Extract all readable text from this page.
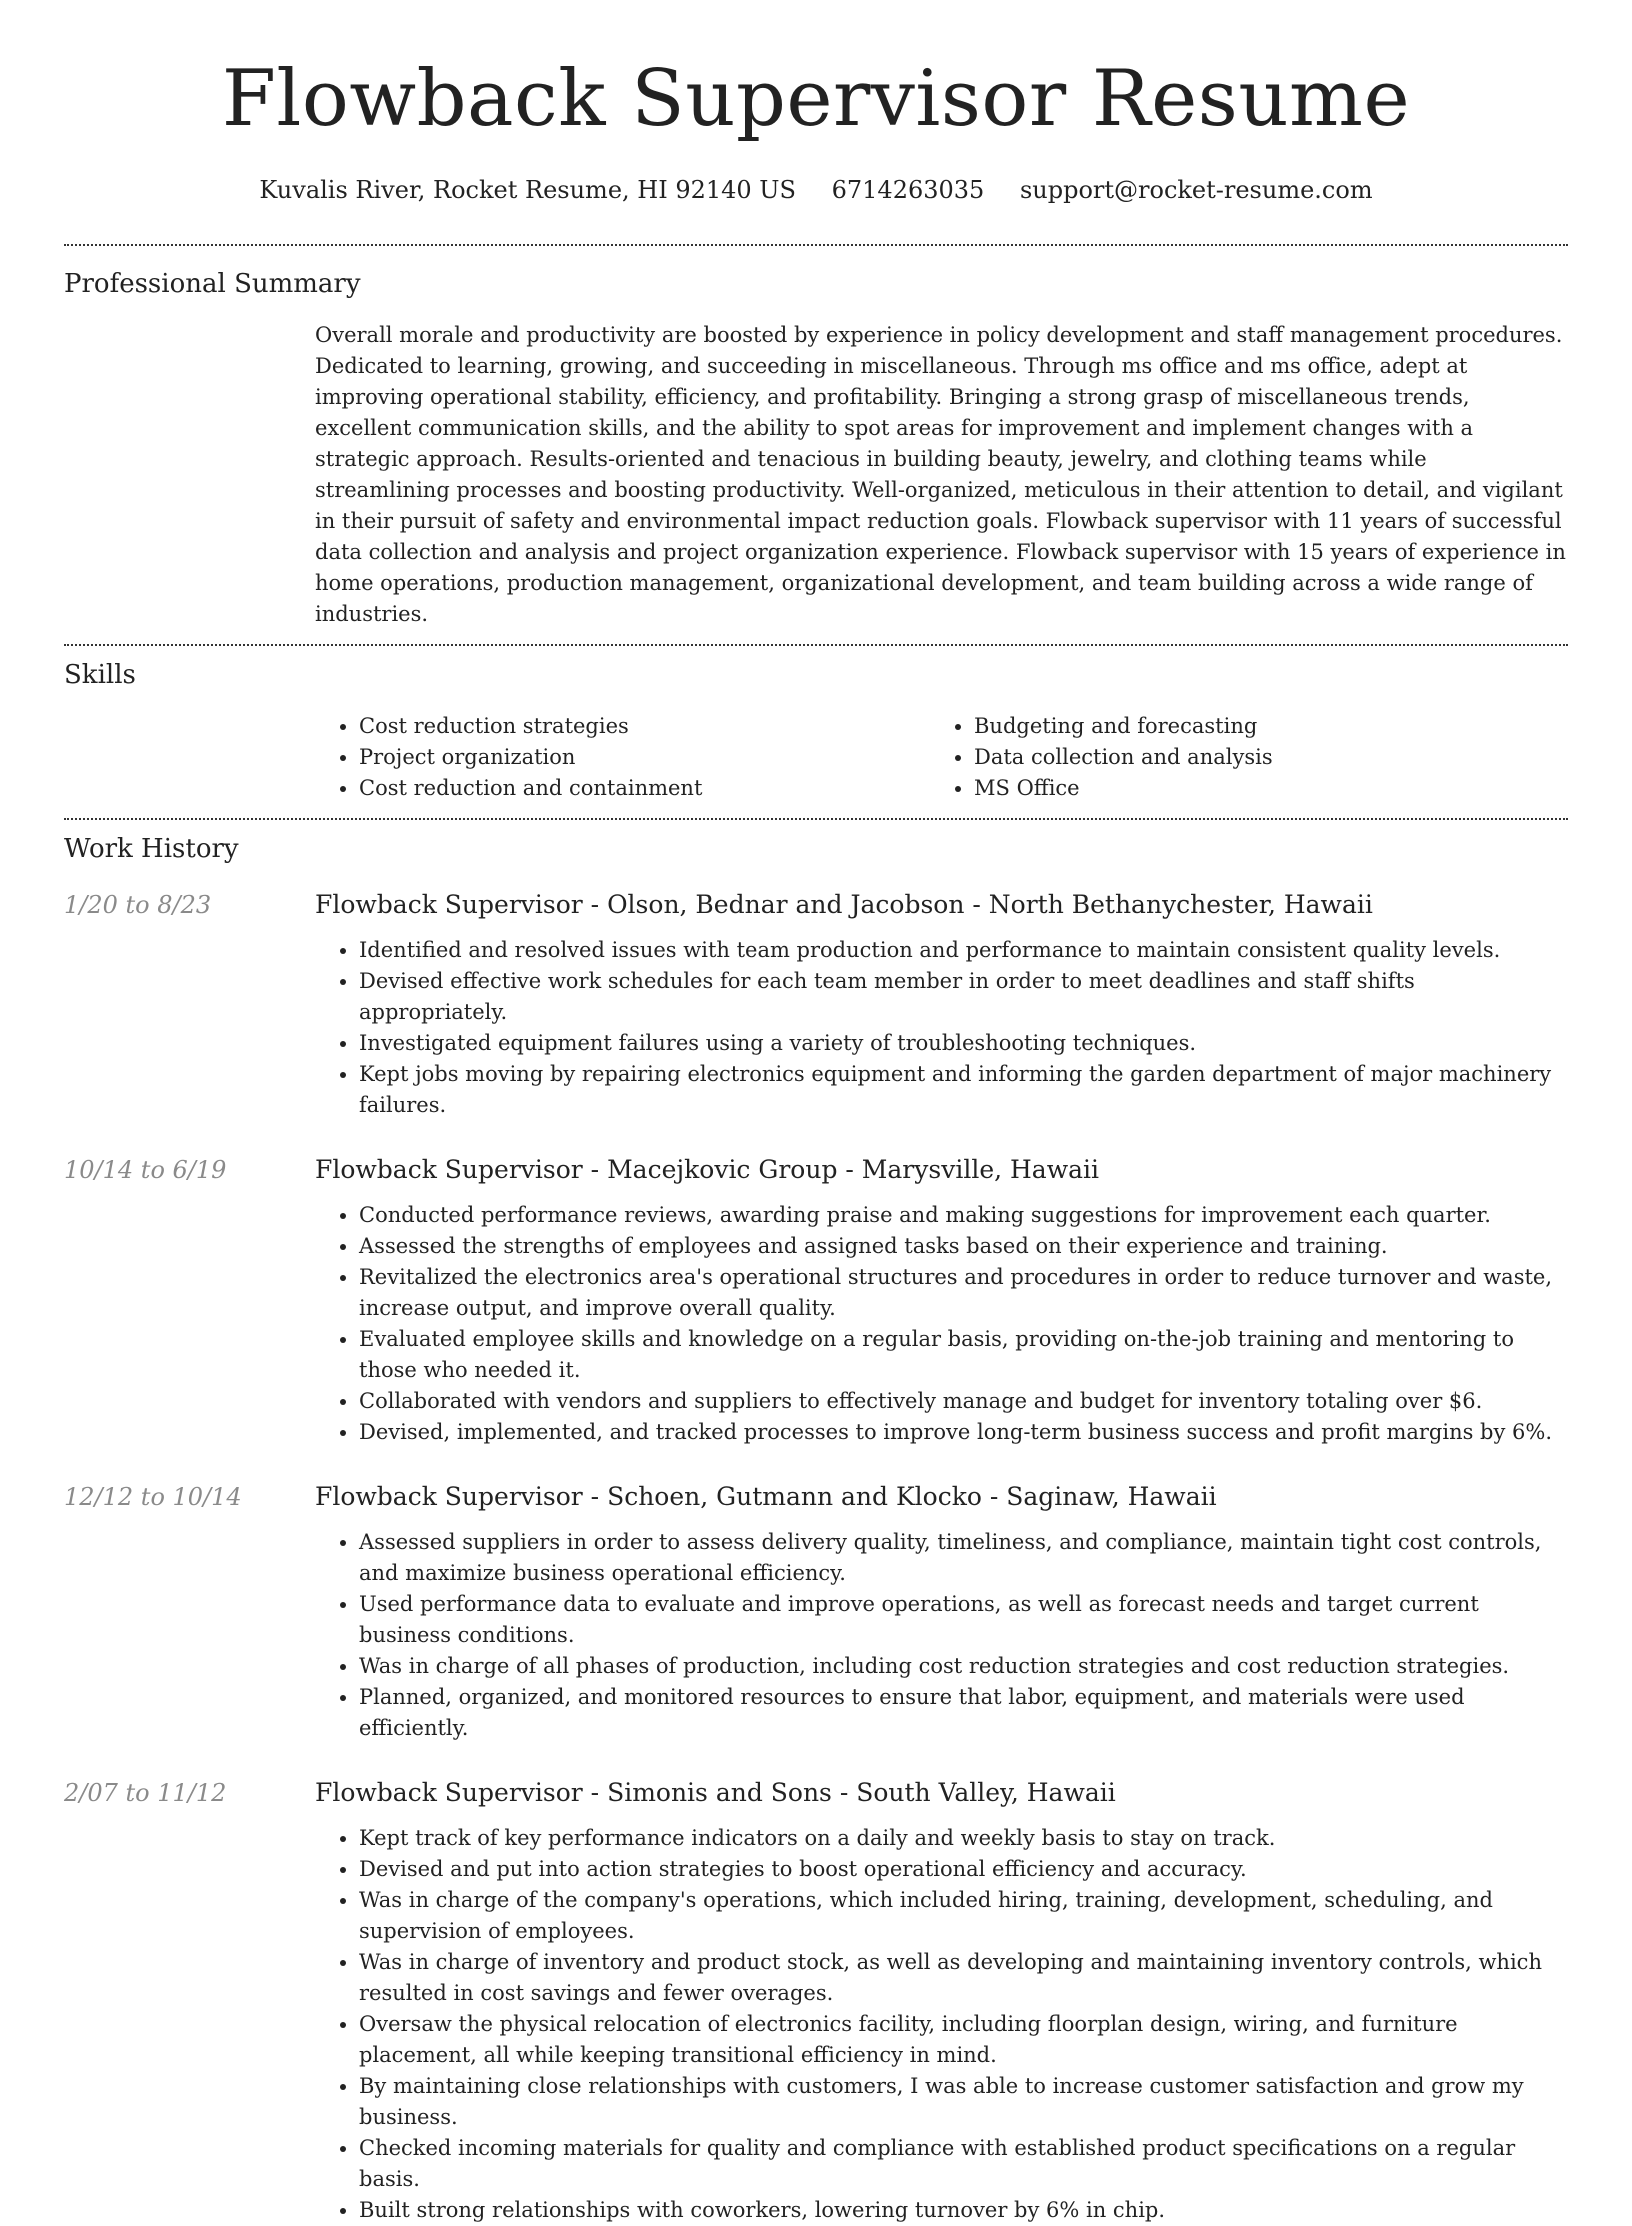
Flowback Supervisor Resume
Kuvalis River, Rocket Resume, HI 92140 US 6714263035 support@rocket-resume.com
Professional Summary
Overall morale and productivity are boosted by experience in policy development and staff management procedures. Dedicated to learning, growing, and succeeding in miscellaneous. Through ms office and ms office, adept at improving operational stability, efficiency, and profitability. Bringing a strong grasp of miscellaneous trends, excellent communication skills, and the ability to spot areas for improvement and implement changes with a strategic approach. Results-oriented and tenacious in building beauty, jewelry, and clothing teams while streamlining processes and boosting productivity. Well-organized, meticulous in their attention to detail, and vigilant in their pursuit of safety and environmental impact reduction goals. Flowback supervisor with 11 years of successful data collection and analysis and project organization experience. Flowback supervisor with 15 years of experience in home operations, production management, organizational development, and team building across a wide range of industries.
Skills
• Cost reduction strategies
• Project organization
• Cost reduction and containment
• Budgeting and forecasting
• Data collection and analysis
• MS Office
Work History
1/20 to 8/23	Flowback Supervisor - Olson, Bednar and Jacobson - North Bethanychester, Hawaii
• Identified and resolved issues with team production and performance to maintain consistent quality levels.
• Devised effective work schedules for each team member in order to meet deadlines and staff shifts appropriately.
• Investigated equipment failures using a variety of troubleshooting techniques.
• Kept jobs moving by repairing electronics equipment and informing the garden department of major machinery failures.
10/14 to 6/19	Flowback Supervisor - Macejkovic Group - Marysville, Hawaii
• Conducted performance reviews, awarding praise and making suggestions for improvement each quarter.
• Assessed the strengths of employees and assigned tasks based on their experience and training.
• Revitalized the electronics area's operational structures and procedures in order to reduce turnover and waste, increase output, and improve overall quality.
• Evaluated employee skills and knowledge on a regular basis, providing on-the-job training and mentoring to those who needed it.
• Collaborated with vendors and suppliers to effectively manage and budget for inventory totaling over $6.
• Devised, implemented, and tracked processes to improve long-term business success and profit margins by 6%.
12/12 to 10/14	Flowback Supervisor - Schoen, Gutmann and Klocko - Saginaw, Hawaii
• Assessed suppliers in order to assess delivery quality, timeliness, and compliance, maintain tight cost controls, and maximize business operational efficiency.
• Used performance data to evaluate and improve operations, as well as forecast needs and target current business conditions.
• Was in charge of all phases of production, including cost reduction strategies and cost reduction strategies.
• Planned, organized, and monitored resources to ensure that labor, equipment, and materials were used efficiently.
2/07 to 11/12	Flowback Supervisor - Simonis and Sons - South Valley, Hawaii
• Kept track of key performance indicators on a daily and weekly basis to stay on track.
• Devised and put into action strategies to boost operational efficiency and accuracy.
• Was in charge of the company's operations, which included hiring, training, development, scheduling, and supervision of employees.
• Was in charge of inventory and product stock, as well as developing and maintaining inventory controls, which resulted in cost savings and fewer overages.
• Oversaw the physical relocation of electronics facility, including floorplan design, wiring, and furniture placement, all while keeping transitional efficiency in mind.
• By maintaining close relationships with customers, I was able to increase customer satisfaction and grow my business.
• Checked incoming materials for quality and compliance with established product specifications on a regular basis.
• Built strong relationships with coworkers, lowering turnover by 6% in chip.
